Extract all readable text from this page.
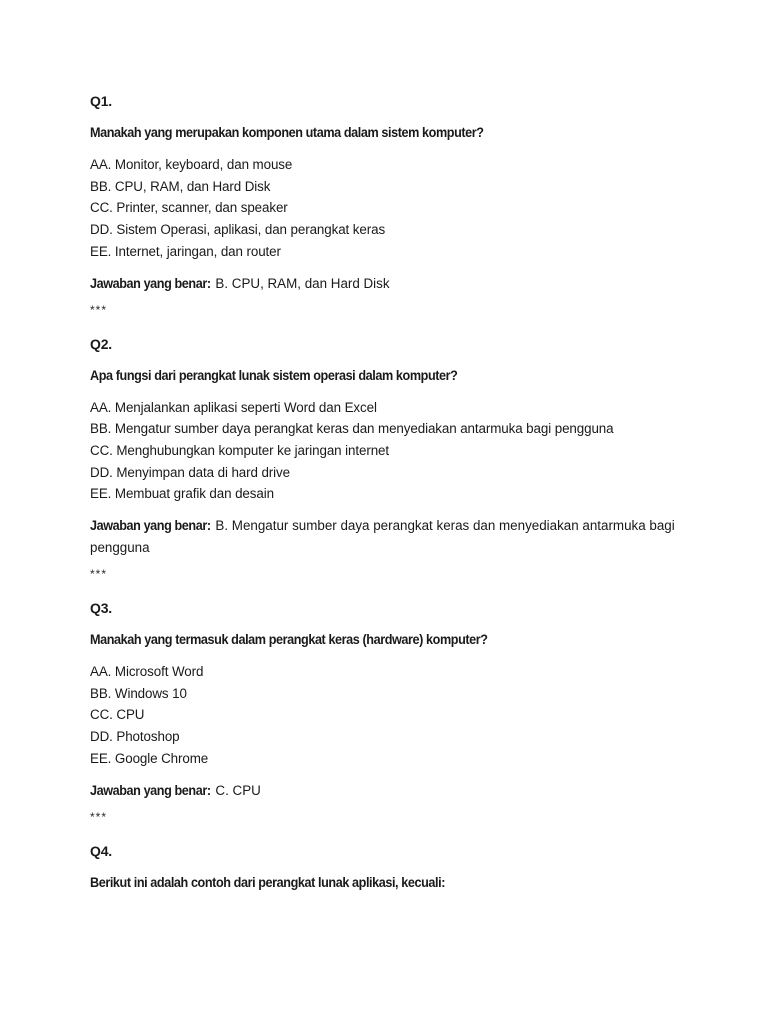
Q1.
Manakah yang merupakan komponen utama dalam sistem komputer?
AA. Monitor, keyboard, dan mouse
BB. CPU, RAM, dan Hard Disk
CC. Printer, scanner, dan speaker
DD. Sistem Operasi, aplikasi, dan perangkat keras
EE. Internet, jaringan, dan router
Jawaban yang benar: B. CPU, RAM, dan Hard Disk
***
Q2.
Apa fungsi dari perangkat lunak sistem operasi dalam komputer?
AA. Menjalankan aplikasi seperti Word dan Excel
BB. Mengatur sumber daya perangkat keras dan menyediakan antarmuka bagi pengguna
CC. Menghubungkan komputer ke jaringan internet
DD. Menyimpan data di hard drive
EE. Membuat grafik dan desain
Jawaban yang benar: B. Mengatur sumber daya perangkat keras dan menyediakan antarmuka bagi pengguna
***
Q3.
Manakah yang termasuk dalam perangkat keras (hardware) komputer?
AA. Microsoft Word
BB. Windows 10
CC. CPU
DD. Photoshop
EE. Google Chrome
Jawaban yang benar: C. CPU
***
Q4.
Berikut ini adalah contoh dari perangkat lunak aplikasi, kecuali:
